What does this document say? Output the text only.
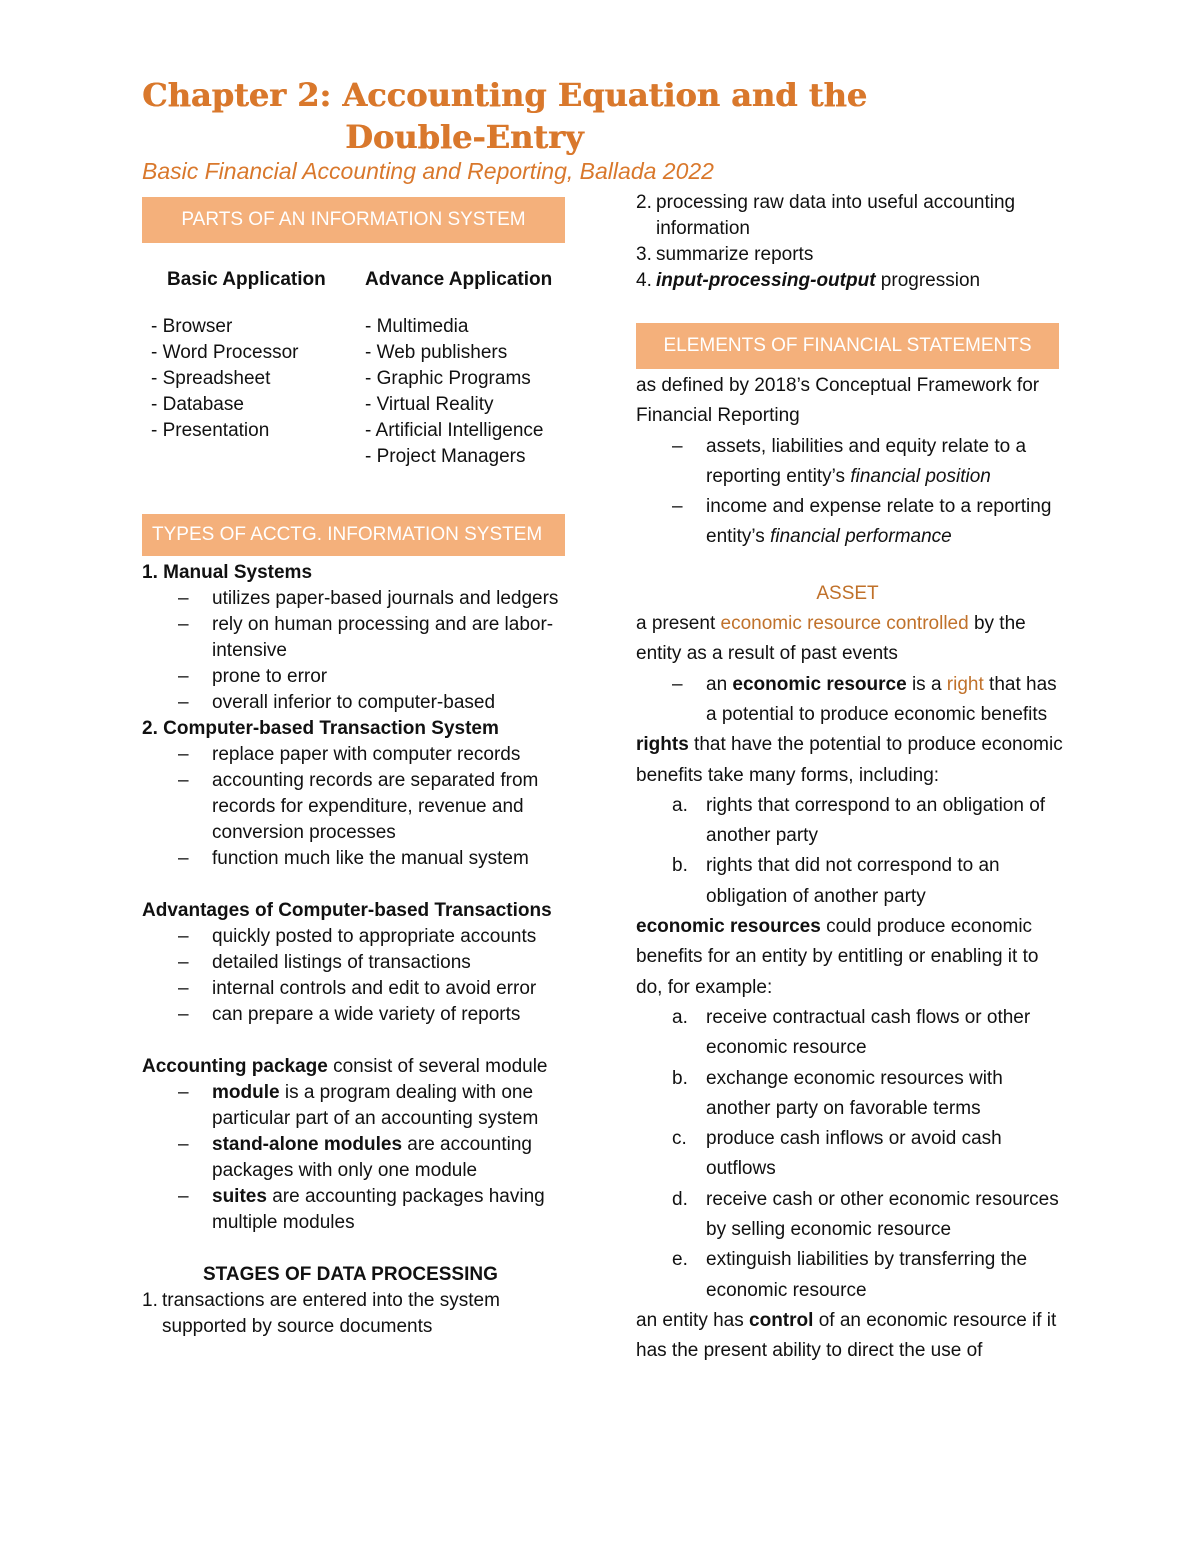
Chapter 2: Accounting Equation and the
Double-Entry
Basic Financial Accounting and Reporting, Ballada 2022
PARTS OF AN INFORMATION SYSTEM
Basic Application
- Browser
- Word Processor
- Spreadsheet
- Database
- Presentation
Advance Application
- Multimedia
- Web publishers
- Graphic Programs
- Virtual Reality
- Artificial Intelligence
- Project Managers
TYPES OF ACCTG. INFORMATION SYSTEM
1. Manual Systems
– utilizes paper-based journals and ledgers
– rely on human processing and are labor-intensive
– prone to error
– overall inferior to computer-based
2. Computer-based Transaction System
– replace paper with computer records
– accounting records are separated from records for expenditure, revenue and conversion processes
– function much like the manual system
Advantages of Computer-based Transactions
– quickly posted to appropriate accounts
– detailed listings of transactions
– internal controls and edit to avoid error
– can prepare a wide variety of reports
Accounting package consist of several module
– module is a program dealing with one particular part of an accounting system
– stand-alone modules are accounting packages with only one module
– suites are accounting packages having multiple modules
STAGES OF DATA PROCESSING
1. transactions are entered into the system supported by source documents
2. processing raw data into useful accounting information
3. summarize reports
4. input-processing-output progression
ELEMENTS OF FINANCIAL STATEMENTS
as defined by 2018’s Conceptual Framework for Financial Reporting
– assets, liabilities and equity relate to a reporting entity’s financial position
– income and expense relate to a reporting entity’s financial performance
ASSET
a present economic resource controlled by the entity as a result of past events
– an economic resource is a right that has a potential to produce economic benefits
rights that have the potential to produce economic benefits take many forms, including:
a. rights that correspond to an obligation of another party
b. rights that did not correspond to an obligation of another party
economic resources could produce economic benefits for an entity by entitling or enabling it to do, for example:
a. receive contractual cash flows or other economic resource
b. exchange economic resources with another party on favorable terms
c. produce cash inflows or avoid cash outflows
d. receive cash or other economic resources by selling economic resource
e. extinguish liabilities by transferring the economic resource
an entity has control of an economic resource if it has the present ability to direct the use of
